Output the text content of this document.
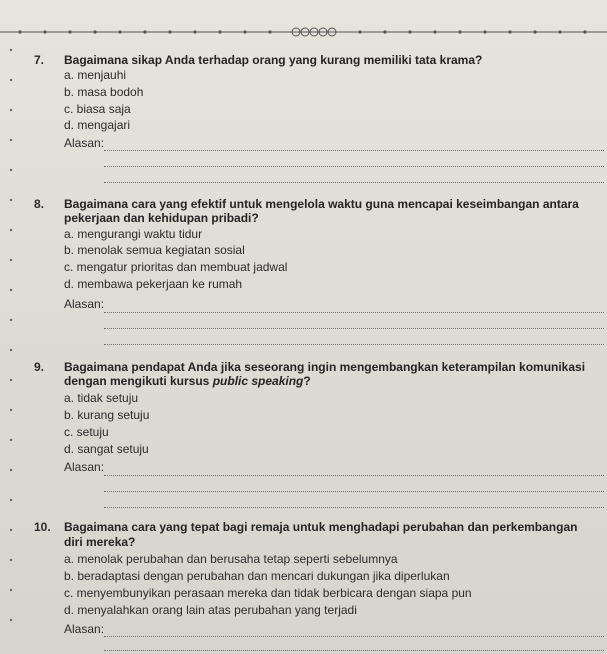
7. Bagaimana sikap Anda terhadap orang yang kurang memiliki tata krama?
a. menjauhi
b. masa bodoh
c. biasa saja
d. mengajari
Alasan:
8. Bagaimana cara yang efektif untuk mengelola waktu guna mencapai keseimbangan antara
pekerjaan dan kehidupan pribadi?
a. mengurangi waktu tidur
b. menolak semua kegiatan sosial
c. mengatur prioritas dan membuat jadwal
d. membawa pekerjaan ke rumah
Alasan:
9. Bagaimana pendapat Anda jika seseorang ingin mengembangkan keterampilan komunikasi
dengan mengikuti kursus public speaking?
a. tidak setuju
b. kurang setuju
c. setuju
d. sangat setuju
Alasan:
10. Bagaimana cara yang tepat bagi remaja untuk menghadapi perubahan dan perkembangan
diri mereka?
a. menolak perubahan dan berusaha tetap seperti sebelumnya
b. beradaptasi dengan perubahan dan mencari dukungan jika diperlukan
c. menyembunyikan perasaan mereka dan tidak berbicara dengan siapa pun
d. menyalahkan orang lain atas perubahan yang terjadi
Alasan:
